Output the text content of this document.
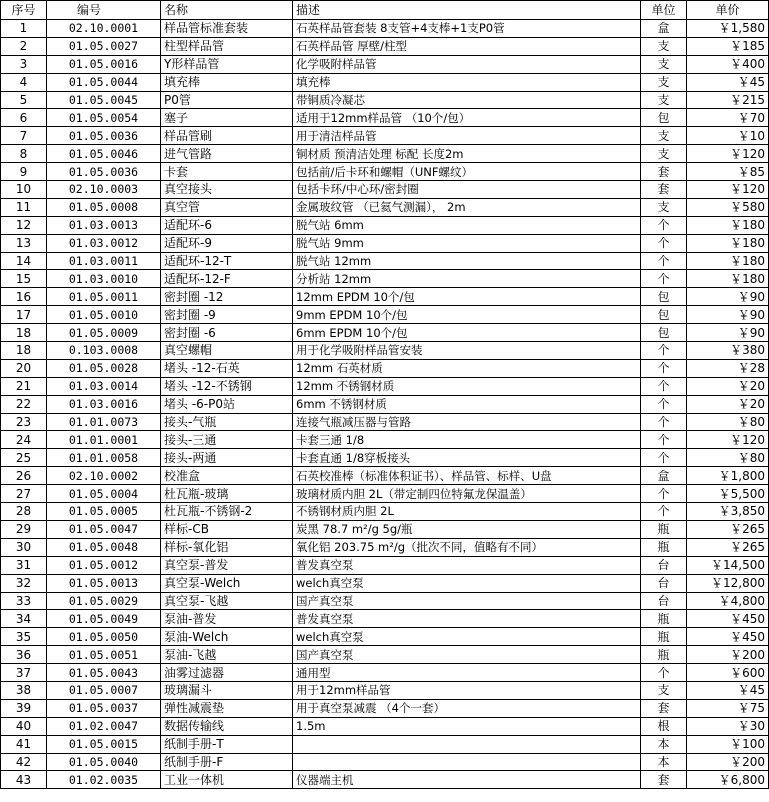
序号	编号	名称	描述	单位	单价
1	02.10.0001	样品管标准套装	石英样品管套装 8支管+4支棒+1支P0管	盒	￥1,580
2	01.05.0027	柱型样品管	石英样品管 厚壁/柱型	支	￥185
3	01.05.0016	Y形样品管	化学吸附样品管	支	￥400
4	01.05.0044	填充棒	填充棒	支	￥45
5	01.05.0045	P0管	带铜质冷凝芯	支	￥215
6	01.05.0054	塞子	适用于12mm样品管 （10个/包）	包	￥70
7	01.05.0036	样品管刷	用于清洁样品管	支	￥10
8	01.05.0046	进气管路	铜材质 预清洁处理 标配 长度2m	支	￥120
9	01.05.0036	卡套	包括前/后卡环和螺帽（UNF螺纹）	套	￥85
10	02.10.0003	真空接头	包括卡环/中心环/密封圈	套	￥120
11	01.05.0008	真空管	金属玻纹管 （已氦气测漏）， 2m	支	￥580
12	01.03.0013	适配环-6	脱气站 6mm	个	￥180
13	01.03.0012	适配环-9	脱气站 9mm	个	￥180
14	01.03.0011	适配环-12-T	脱气站 12mm	个	￥180
15	01.03.0010	适配环-12-F	分析站 12mm	个	￥180
16	01.05.0011	密封圈 -12	12mm EPDM 10个/包	包	￥90
17	01.05.0010	密封圈 -9	9mm EPDM 10个/包	包	￥90
18	01.05.0009	密封圈 -6	6mm EPDM 10个/包	包	￥90
18	0.103.0008	真空螺帽	用于化学吸附样品管安装	个	￥380
20	01.05.0028	堵头 -12-石英	12mm 石英材质	个	￥28
21	01.03.0014	堵头 -12-不锈钢	12mm 不锈钢材质	个	￥20
22	01.03.0016	堵头 -6-P0站	6mm 不锈钢材质	个	￥20
23	01.01.0073	接头-气瓶	连接气瓶减压器与管路	个	￥80
24	01.01.0001	接头-三通	卡套三通 1/8	个	￥120
25	01.01.0058	接头-两通	卡套直通 1/8穿板接头	个	￥80
26	02.10.0002	校准盒	石英校准棒（标准体积证书）、样品管、标样、U盘	盒	￥1,800
27	01.05.0004	杜瓦瓶-玻璃	玻璃材质内胆 2L（带定制四位特氟龙保温盖）	个	￥5,500
28	01.05.0005	杜瓦瓶-不锈钢-2	不锈钢材质内胆 2L	个	￥3,850
29	01.05.0047	样标-CB	炭黑 78.7 m²/g 5g/瓶	瓶	￥265
30	01.05.0048	样标-氧化铝	氧化铝 203.75 m²/g（批次不同，值略有不同）	瓶	￥265
31	01.05.0012	真空泵-普发	普发真空泵	台	￥14,500
32	01.05.0013	真空泵-Welch	welch真空泵	台	￥12,800
33	01.05.0029	真空泵-飞越	国产真空泵	台	￥4,800
34	01.05.0049	泵油-普发	普发真空泵	瓶	￥450
35	01.05.0050	泵油-Welch	welch真空泵	瓶	￥450
36	01.05.0051	泵油-飞越	国产真空泵	瓶	￥200
37	01.05.0043	油雾过滤器	通用型	个	￥600
38	01.05.0007	玻璃漏斗	用于12mm样品管	支	￥45
39	01.05.0037	弹性减震垫	用于真空泵减震 （4个一套）	套	￥75
40	01.02.0047	数据传输线	1.5m	根	￥30
41	01.05.0015	纸制手册-T		本	￥100
42	01.05.0040	纸制手册-F		本	￥200
43	01.02.0035	工业一体机	仪器端主机	套	￥6,800
